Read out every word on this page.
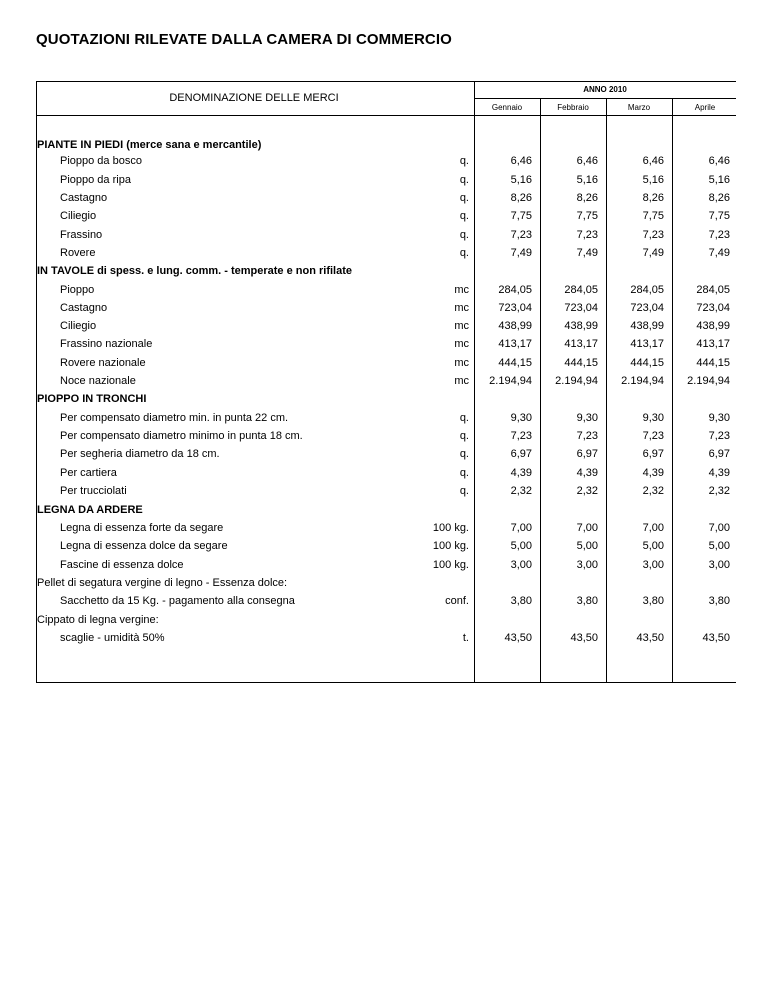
QUOTAZIONI RILEVATE DALLA CAMERA DI COMMERCIO
DENOMINAZIONE DELLE MERCI
ANNO 2010
Gennaio	Febbraio	Marzo	Aprile
PIANTE IN PIEDI (merce sana e mercantile)
Pioppo da bosco	q.	6,46	6,46	6,46	6,46
Pioppo da ripa	q.	5,16	5,16	5,16	5,16
Castagno	q.	8,26	8,26	8,26	8,26
Ciliegio	q.	7,75	7,75	7,75	7,75
Frassino	q.	7,23	7,23	7,23	7,23
Rovere	q.	7,49	7,49	7,49	7,49
IN TAVOLE di spess. e lung. comm. - temperate e non rifilate
Pioppo	mc	284,05	284,05	284,05	284,05
Castagno	mc	723,04	723,04	723,04	723,04
Ciliegio	mc	438,99	438,99	438,99	438,99
Frassino nazionale	mc	413,17	413,17	413,17	413,17
Rovere nazionale	mc	444,15	444,15	444,15	444,15
Noce nazionale	mc 2.194,94 2.194,94 2.194,94 2.194,94
PIOPPO IN TRONCHI
Per compensato diametro min. in punta 22 cm.	q.	9,30	9,30	9,30	9,30
Per compensato diametro minimo in punta 18 cm.	q.	7,23	7,23	7,23	7,23
Per segheria diametro da 18 cm.	q.	6,97	6,97	6,97	6,97
Per cartiera	q.	4,39	4,39	4,39	4,39
Per trucciolati	q.	2,32	2,32	2,32	2,32
LEGNA DA ARDERE
Legna di essenza forte da segare	100 kg.	7,00	7,00	7,00	7,00
Legna di essenza dolce da segare	100 kg.	5,00	5,00	5,00	5,00
Fascine di essenza dolce	100 kg.	3,00	3,00	3,00	3,00
Pellet di segatura vergine di legno - Essenza dolce:
Sacchetto da 15 Kg. - pagamento alla consegna	conf.	3,80	3,80	3,80	3,80
Cippato di legna vergine:
scaglie - umidità 50%	t.	43,50	43,50	43,50	43,50
